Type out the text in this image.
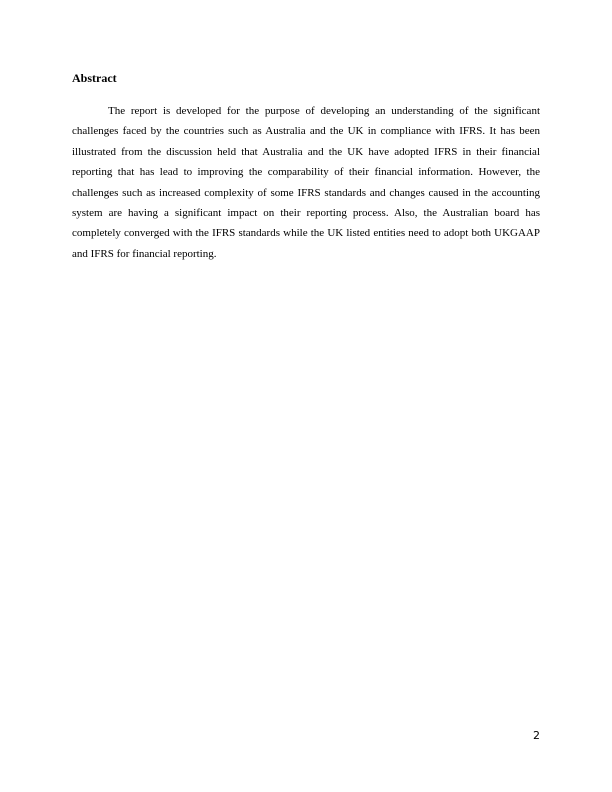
Abstract

The report is developed for the purpose of developing an understanding of the significant challenges faced by the countries such as Australia and the UK in compliance with IFRS. It has been illustrated from the discussion held that Australia and the UK have adopted IFRS in their financial reporting that has lead to improving the comparability of their financial information. However, the challenges such as increased complexity of some IFRS standards and changes caused in the accounting system are having a significant impact on their reporting process. Also, the Australian board has completely converged with the IFRS standards while the UK listed entities need to adopt both UKGAAP and IFRS for financial reporting.

2
